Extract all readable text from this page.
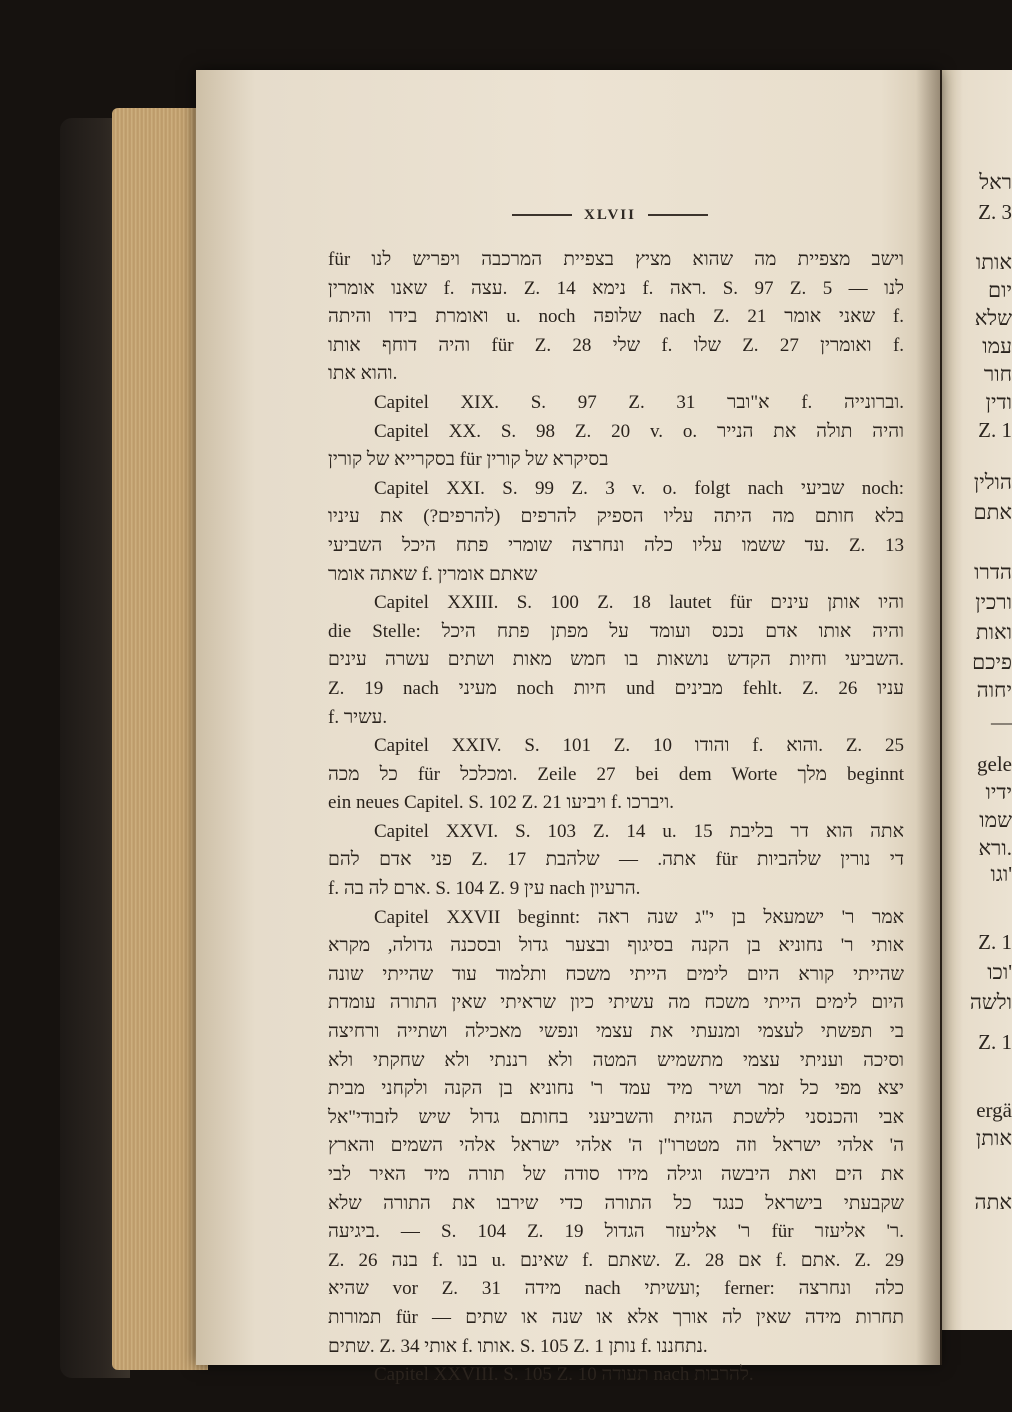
ראל
Z. 3
אותו
יום
שלא
עמו
חור
ודין
Z. 1
הולין
אתם
הדרו
ורכין
ואות
פיכם
יחוה
—
gele
ידיו
שמו
ורא.
וגו'
Z. 1
וכו'
ולשה
Z. 1
ergä
אותן
אתה
XLVII
für וישב מצפיית מה שהוא מציץ בצפיית המרכבה ויפריש לנו
שאנו אומרין f. עצה. Z. 14 נימא f. ראה. S. 97 Z. 5 — לנו
ואומרת בידו והיתה u. noch שלופה nach Z. 21 שאני אומר f.
והיה דוחף אותו für Z. 28 שלי f. שלו Z. 27 ואומרין f.
והוא אתו.
Capitel XIX. S. 97 Z. 31 א"ובר f. וברונייה.
Capitel XX. S. 98 Z. 20 v. o. והיה תולה את הנייר
בסקרייא של קורין für בסיקרא של קורין
Capitel XXI. S. 99 Z. 3 v. o. folgt nach שביעי noch:
בלא חותם מה היתה עליו הספיק להרפים (להרפים?) את עיניו
עד ששמו עליו כלה ונחרצה שומרי פתח היכל השביעי. Z. 13
שאתה אומר f. שאתם אומרין
Capitel XXIII. S. 100 Z. 18 lautet für והיו אותן עינים
die Stelle: והיה אותו אדם נכנס ועומד על מפתן פתח היכל
השביעי וחיות הקדש נושאות בו חמש מאות ושתים עשרה עינים.
Z. 19 nach מעיני noch חיות und מבינים fehlt. Z. 26 עניו
f. עשיר.
Capitel XXIV. S. 101 Z. 10 והודו f. והוא. Z. 25
כל מכה für ומכלכל. Zeile 27 bei dem Worte מלך beginnt
ein neues Capitel. S. 102 Z. 21 ויביעו f. ויברכו.
Capitel XXVI. S. 103 Z. 14 u. 15 אתה הוא דר בליבת
פני אדם להם Z. 17 אתה. — שלהבת für די נורין שלהביות
f. ארם לה בה. S. 104 Z. 9 עין nach הרעיון.
Capitel XXVII beginnt: אמר ר' ישמעאל בן י"ג שנה ראה
אותי ר' נחוניא בן הקנה בסיגוף ובצער גדול ובסכנה גדולה, מקרא
שהייתי קורא היום לימים הייתי משכח ותלמוד עוד שהייתי שונה
היום לימים הייתי משכח מה עשיתי כיון שראיתי שאין התורה עומדת
בי תפשתי לעצמי ומנעתי את עצמי ונפשי מאכילה ושתייה ורחיצה
וסיכה ועניתי עצמי מתשמיש המטה ולא רננתי ולא שחקתי ולא
יצא מפי כל זמר ושיר מיד עמד ר' נחוניא בן הקנה ולקחני מבית
אבי והכנסני ללשכת הגזית והשביעני בחותם גדול שיש לזבודי"אל
ה' אלהי ישראל וזה מטטרו"ן ה' אלהי ישראל אלהי השמים והארץ
את הים ואת היבשה וגילה מידו סודה של תורה מיד האיר לבי
שקבעתי בישראל כנגד כל התורה כדי שירבו את התורה שלא
ביגיעה. — S. 104 Z. 19 ר' אליעזר הגדול für ר' אליעזר.
Z. 26 בנה f. בנו u. שאינם f. שאתם. Z. 28 אם f. אתם. Z. 29
שהיא vor Z. 31 מידה nach ועשיתי; ferner: כלה ונחרצה
תמורות für — תחרות מידה שאין לה אורך אלא או שנה או שתים
שתים. Z. 34 אותי f. אותו. S. 105 Z. 1 נותן f. נתחננו.
Capitel XXVIII. S. 105 Z. 10 תעודה nach להרבות.
